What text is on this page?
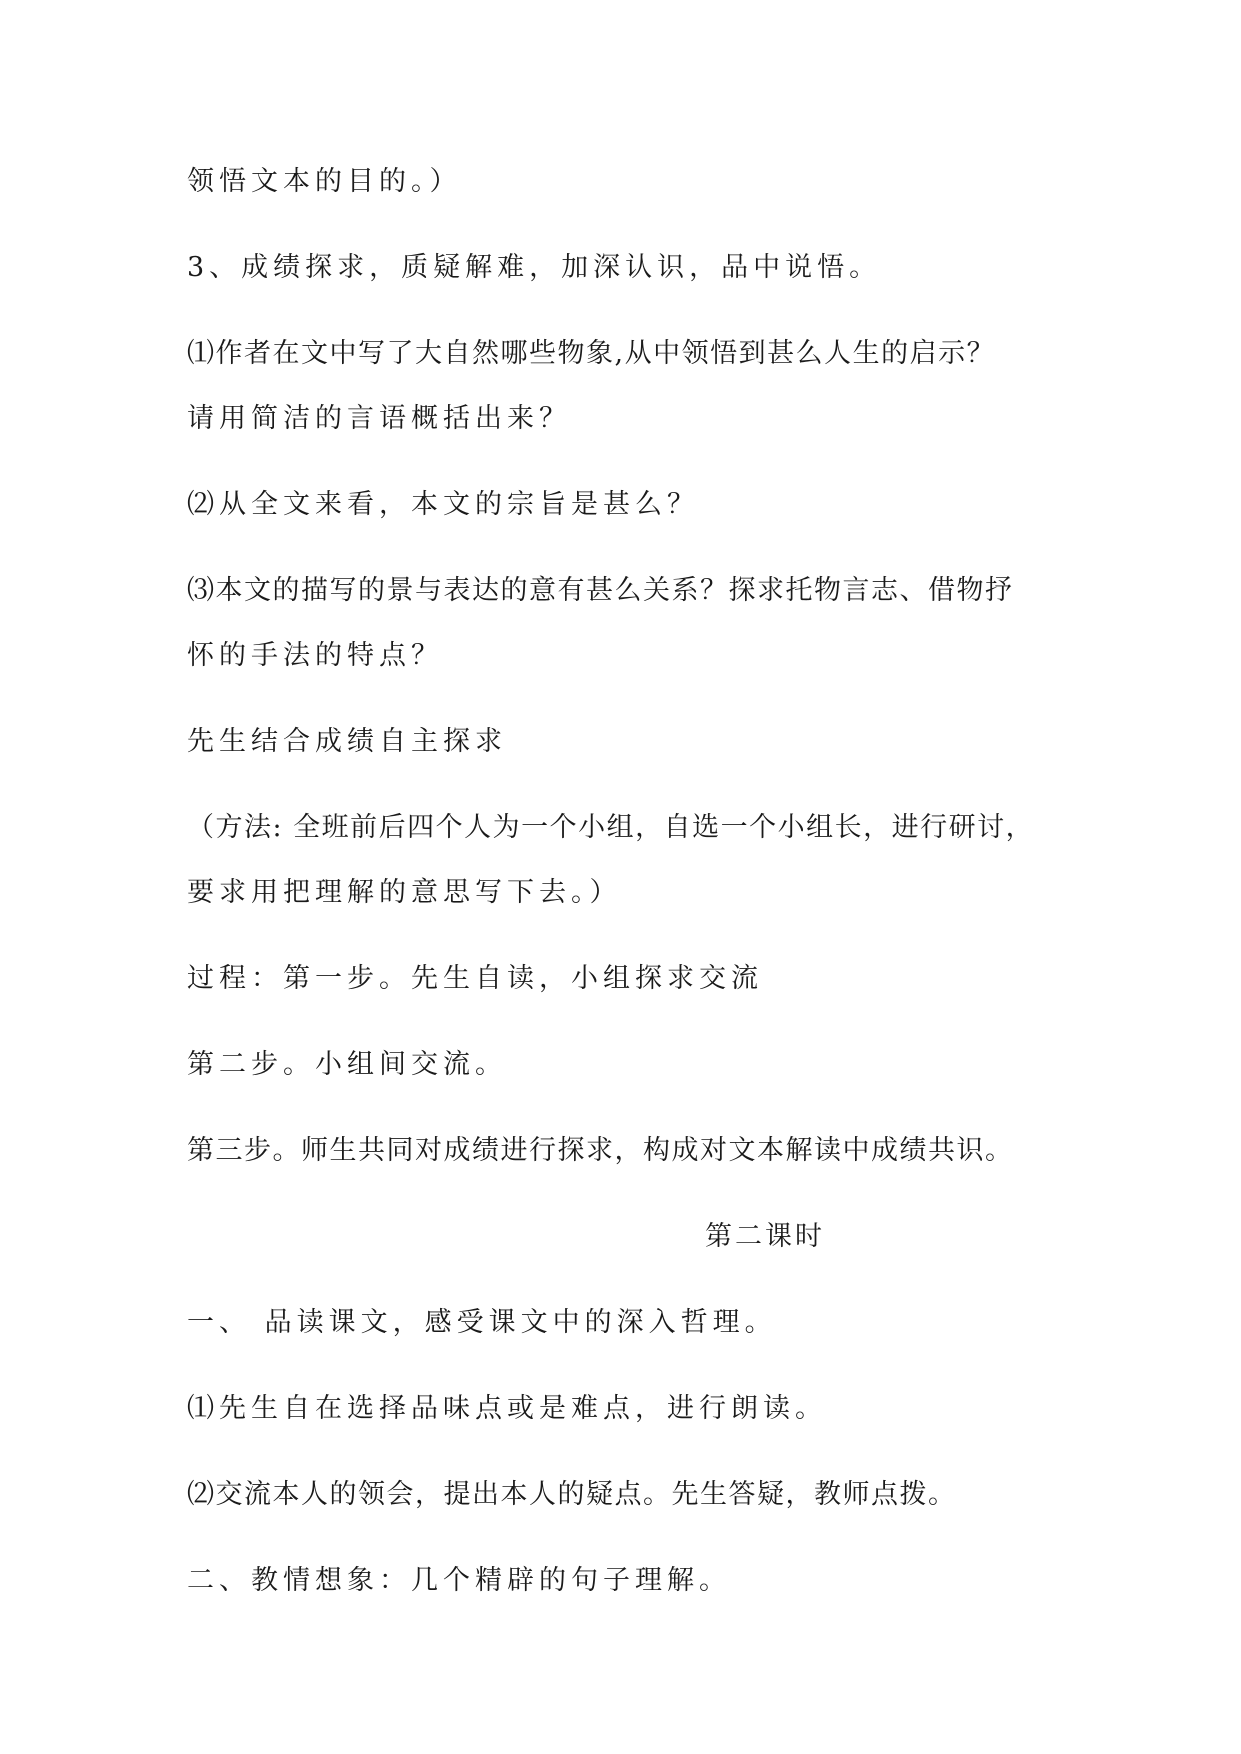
领悟文本的目的。）
3、成绩探求，质疑解难，加深认识，品中说悟。
⑴作者在文中写了大自然哪些物象,从中领悟到甚么人生的启示？
请用简洁的言语概括出来？
⑵从全文来看，本文的宗旨是甚么？
⑶本文的描写的景与表达的意有甚么关系？探求托物言志、借物抒
怀的手法的特点？
先生结合成绩自主探求
（方法: 全班前后四个人为一个小组，自选一个小组长，进行研讨，
要求用把理解的意思写下去。）
过程：第一步。先生自读，小组探求交流
第二步。小组间交流。
第三步。师生共同对成绩进行探求，构成对文本解读中成绩共识。
第二课时
一、 品读课文，感受课文中的深入哲理。
⑴先生自在选择品味点或是难点，进行朗读。
⑵交流本人的领会，提出本人的疑点。先生答疑，教师点拨。
二、教情想象：几个精辟的句子理解。
